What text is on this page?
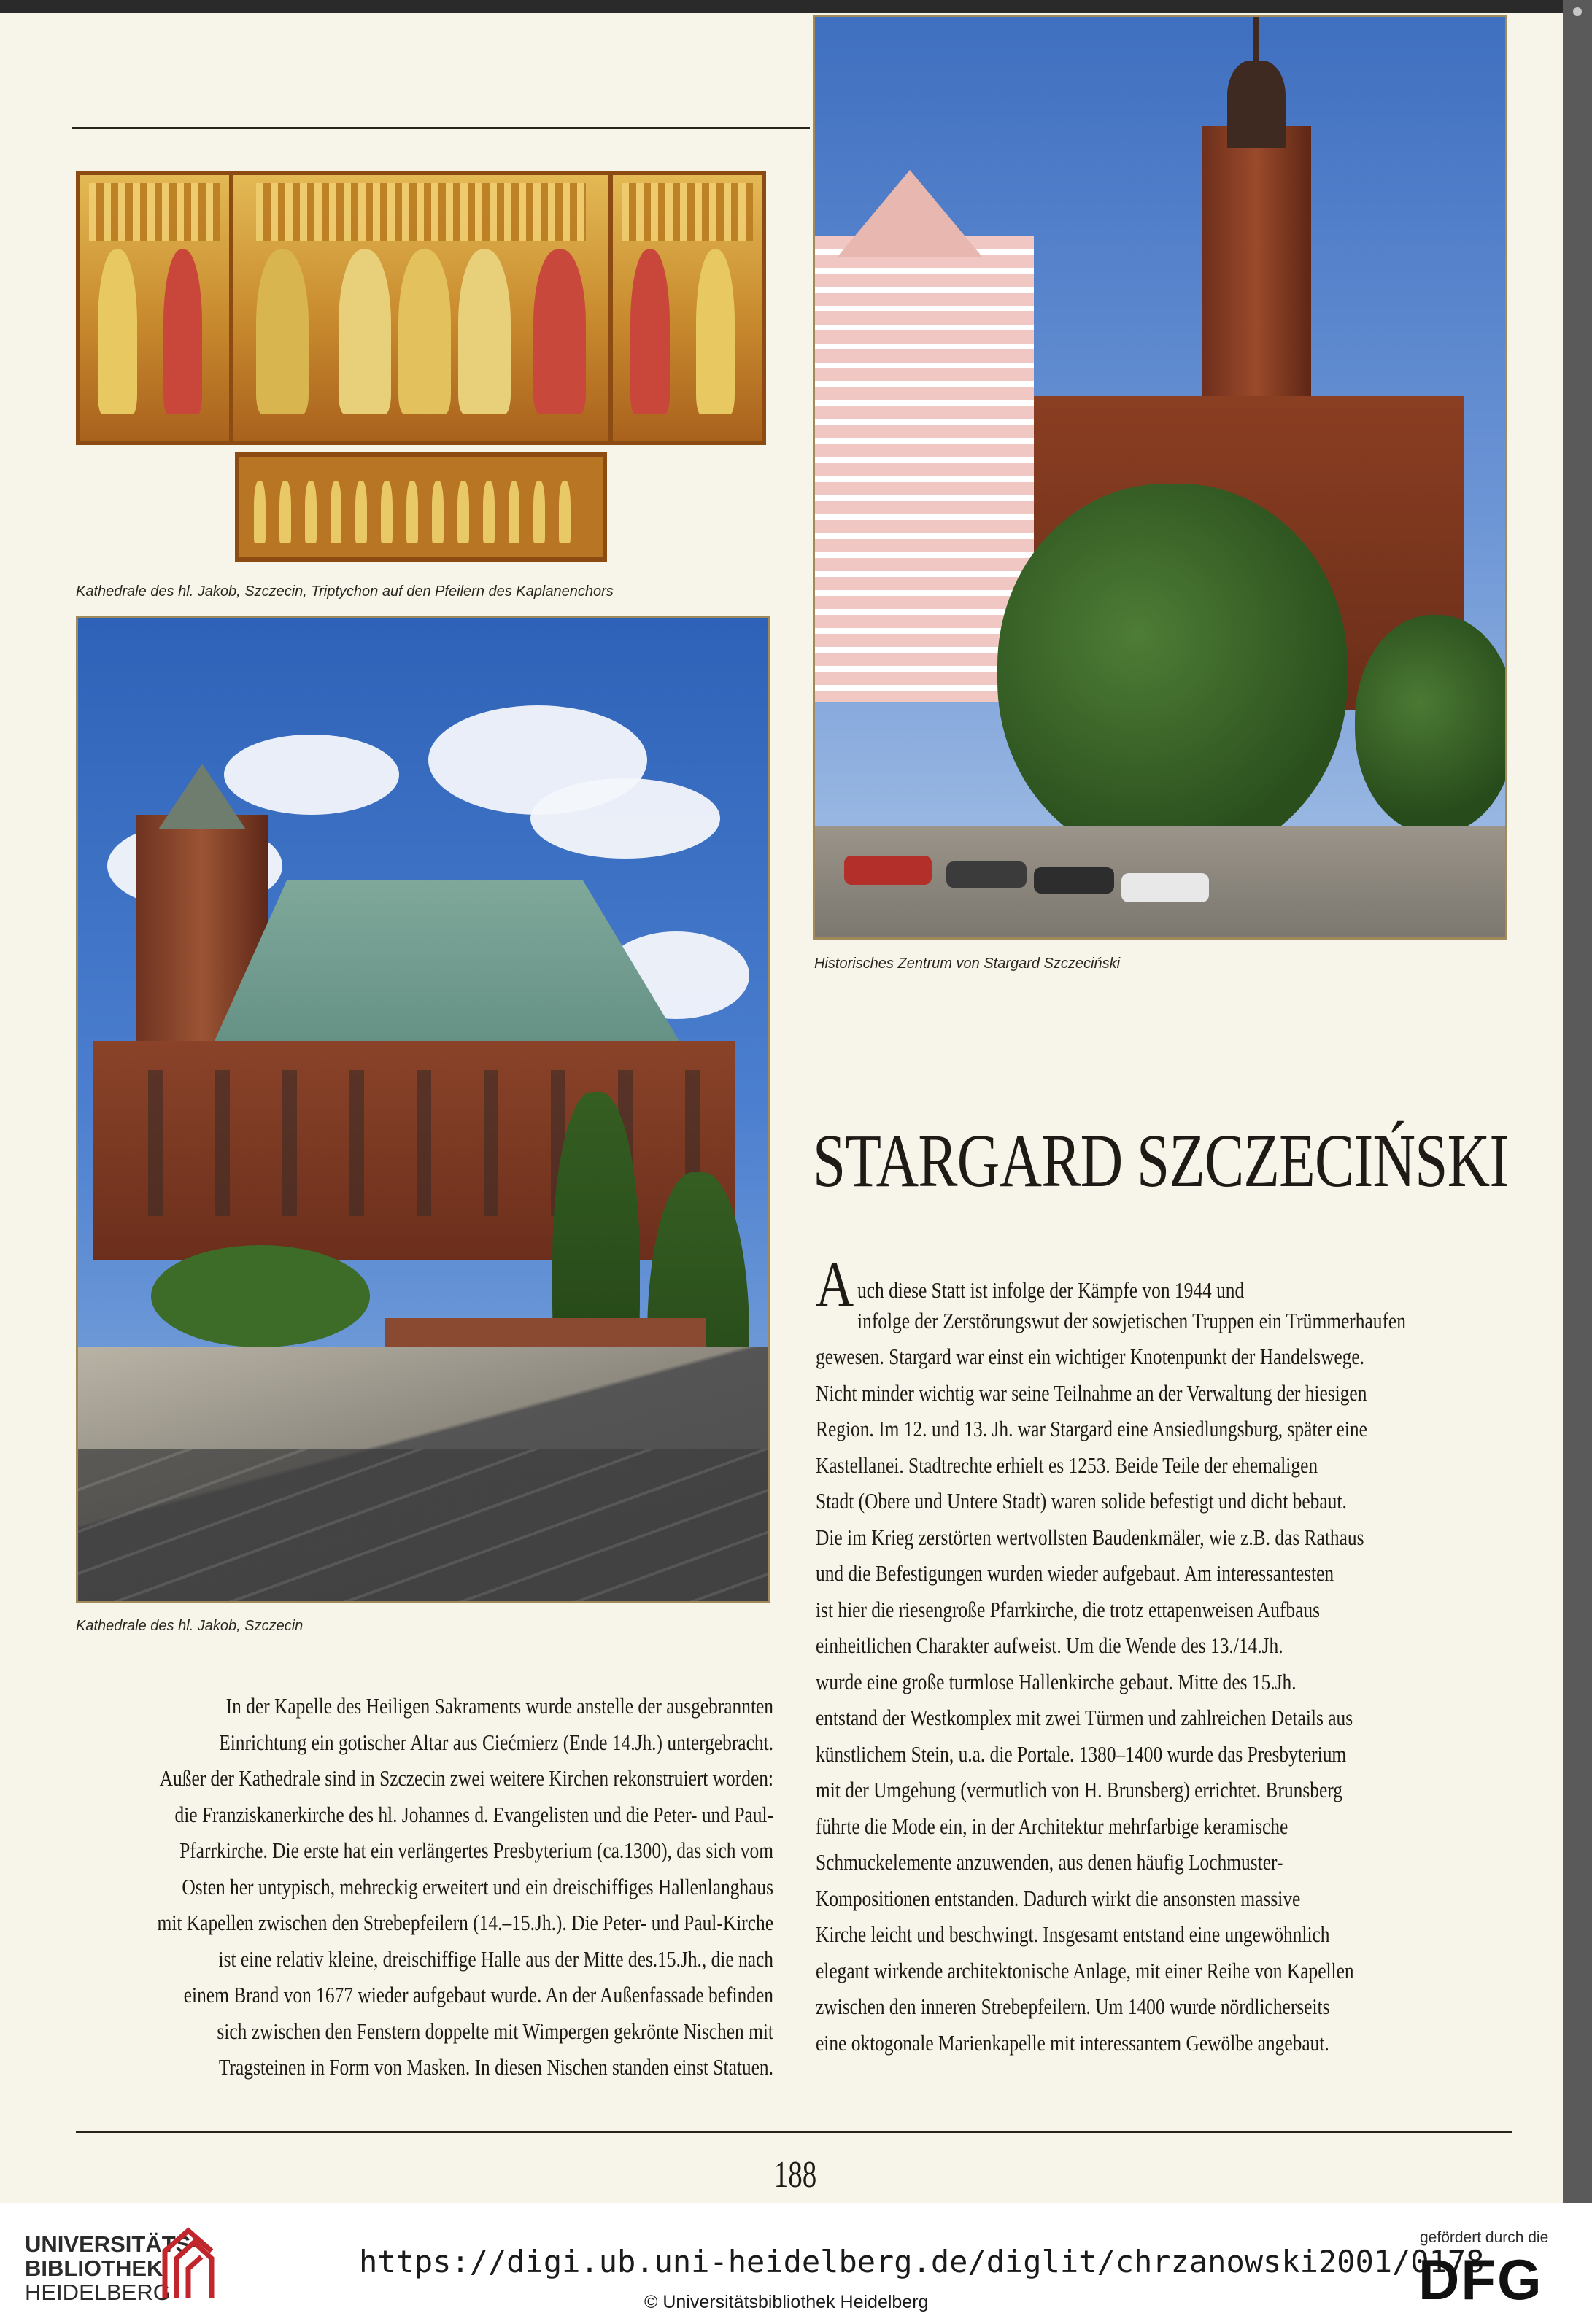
Kathedrale des hl. Jakob, Szczecin, Triptychon auf den Pfeilern des Kaplanenchors
Historisches Zentrum von Stargard Szczeciński
Kathedrale des hl. Jakob, Szczecin
STARGARD SZCZECIŃSKI
Auch diese Statt ist infolge der Kämpfe von 1944 und
infolge der Zerstörungswut der sowjetischen Truppen ein Trümmerhaufen
gewesen. Stargard war einst ein wichtiger Knotenpunkt der Handelswege.
Nicht minder wichtig war seine Teilnahme an der Verwaltung der hiesigen
Region. Im 12. und 13. Jh. war Stargard eine Ansiedlungsburg, später eine
Kastellanei. Stadtrechte erhielt es 1253. Beide Teile der ehemaligen
Stadt (Obere und Untere Stadt) waren solide befestigt und dicht bebaut.
Die im Krieg zerstörten wertvollsten Baudenkmäler, wie z.B. das Rathaus
und die Befestigungen wurden wieder aufgebaut. Am interessantesten
ist hier die riesengroße Pfarrkirche, die trotz ettapenweisen Aufbaus
einheitlichen Charakter aufweist. Um die Wende des 13./14.Jh.
wurde eine große turmlose Hallenkirche gebaut. Mitte des 15.Jh.
entstand der Westkomplex mit zwei Türmen und zahlreichen Details aus
künstlichem Stein, u.a. die Portale. 1380–1400 wurde das Presbyterium
mit der Umgehung (vermutlich von H. Brunsberg) errichtet. Brunsberg
führte die Mode ein, in der Architektur mehrfarbige keramische
Schmuckelemente anzuwenden, aus denen häufig Lochmuster-
Kompositionen entstanden. Dadurch wirkt die ansonsten massive
Kirche leicht und beschwingt. Insgesamt entstand eine ungewöhnlich
elegant wirkende architektonische Anlage, mit einer Reihe von Kapellen
zwischen den inneren Strebepfeilern. Um 1400 wurde nördlicherseits
eine oktogonale Marienkapelle mit interessantem Gewölbe angebaut.
In der Kapelle des Heiligen Sakraments wurde anstelle der ausgebrannten
Einrichtung ein gotischer Altar aus Ciećmierz (Ende 14.Jh.) untergebracht.
Außer der Kathedrale sind in Szczecin zwei weitere Kirchen rekonstruiert worden:
die Franziskanerkirche des hl. Johannes d. Evangelisten und die Peter- und Paul-
Pfarrkirche. Die erste hat ein verlängertes Presbyterium (ca.1300), das sich vom
Osten her untypisch, mehreckig erweitert und ein dreischiffiges Hallenlanghaus
mit Kapellen zwischen den Strebepfeilern (14.–15.Jh.). Die Peter- und Paul-Kirche
ist eine relativ kleine, dreischiffige Halle aus der Mitte des.15.Jh., die nach
einem Brand von 1677 wieder aufgebaut wurde. An der Außenfassade befinden
sich zwischen den Fenstern doppelte mit Wimpergen gekrönte Nischen mit
Tragsteinen in Form von Masken. In diesen Nischen standen einst Statuen.
188
UNIVERSITÄTS-
BIBLIOTHEK
HEIDELBERG
https://digi.ub.uni-heidelberg.de/diglit/chrzanowski2001/0178
© Universitätsbibliothek Heidelberg
gefördert durch die
DFG
